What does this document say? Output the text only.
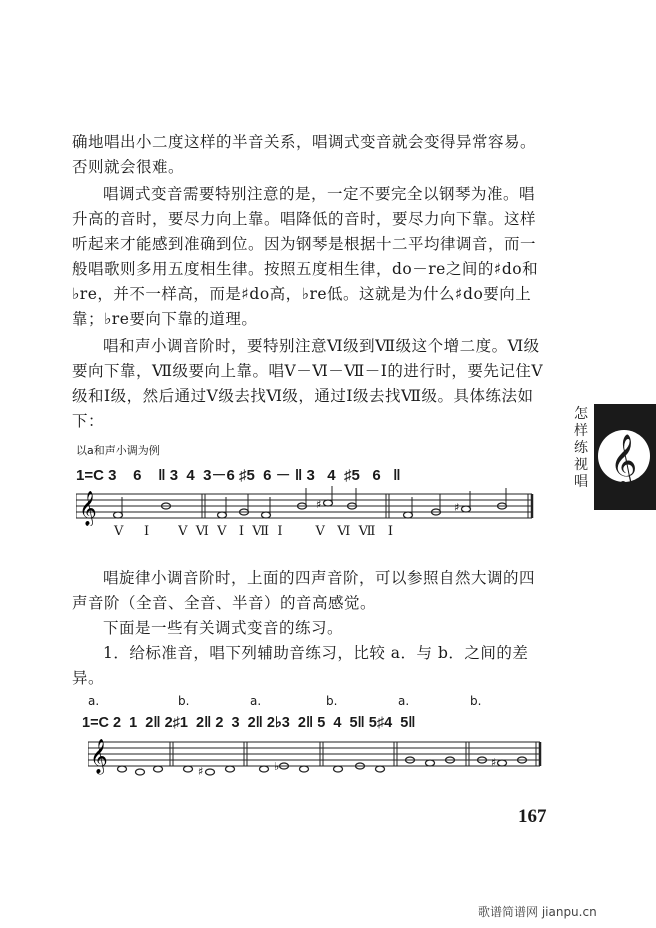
确地唱出小二度这样的半音关系，唱调式变音就会变得异常容易。否则就会很难。

唱调式变音需要特别注意的是，一定不要完全以钢琴为准。唱升高的音时，要尽力向上靠。唱降低的音时，要尽力向下靠。这样听起来才能感到准确到位。因为钢琴是根据十二平均律调音，而一般唱歌则多用五度相生律。按照五度相生律，do－re之间的♯do和♭re，并不一样高，而是♯do高，♭re低。这就是为什么♯do要向上靠；♭re要向下靠的道理。

唱和声小调音阶时，要特别注意Ⅵ级到Ⅶ级这个增二度。Ⅵ级要向下靠，Ⅶ级要向上靠。唱Ⅴ－Ⅵ－Ⅶ－Ⅰ的进行时，要先记住Ⅴ级和Ⅰ级，然后通过Ⅴ级去找Ⅵ级，通过Ⅰ级去找Ⅶ级。具体练法如下：

以a和声小调为例
1=C 3    6    ‖ 3  4  3－6 ♯5  6 － ‖ 3   4  ♯5   6   ‖
𝄞	♯	♯
Ⅴ     Ⅰ       Ⅴ  Ⅵ  Ⅴ   Ⅰ  Ⅶ  Ⅰ        Ⅴ   Ⅵ  Ⅶ   Ⅰ

唱旋律小调音阶时，上面的四声音阶，可以参照自然大调的四声音阶（全音、全音、半音）的音高感觉。

下面是一些有关调式变音的练习。

1．给标准音，唱下列辅助音练习，比较 a．与 b．之间的差异。

a.	b.	a.	b.	a.	b.
1=C 2  1  2‖ 2♯1  2‖ 2  3  2‖ 2♭3  2‖ 5  4  5‖ 5♯4  5‖
𝄞	♯	♭	♯
怎样练视唱 𝄞
167
歌谱简谱网 jianpu.cn
